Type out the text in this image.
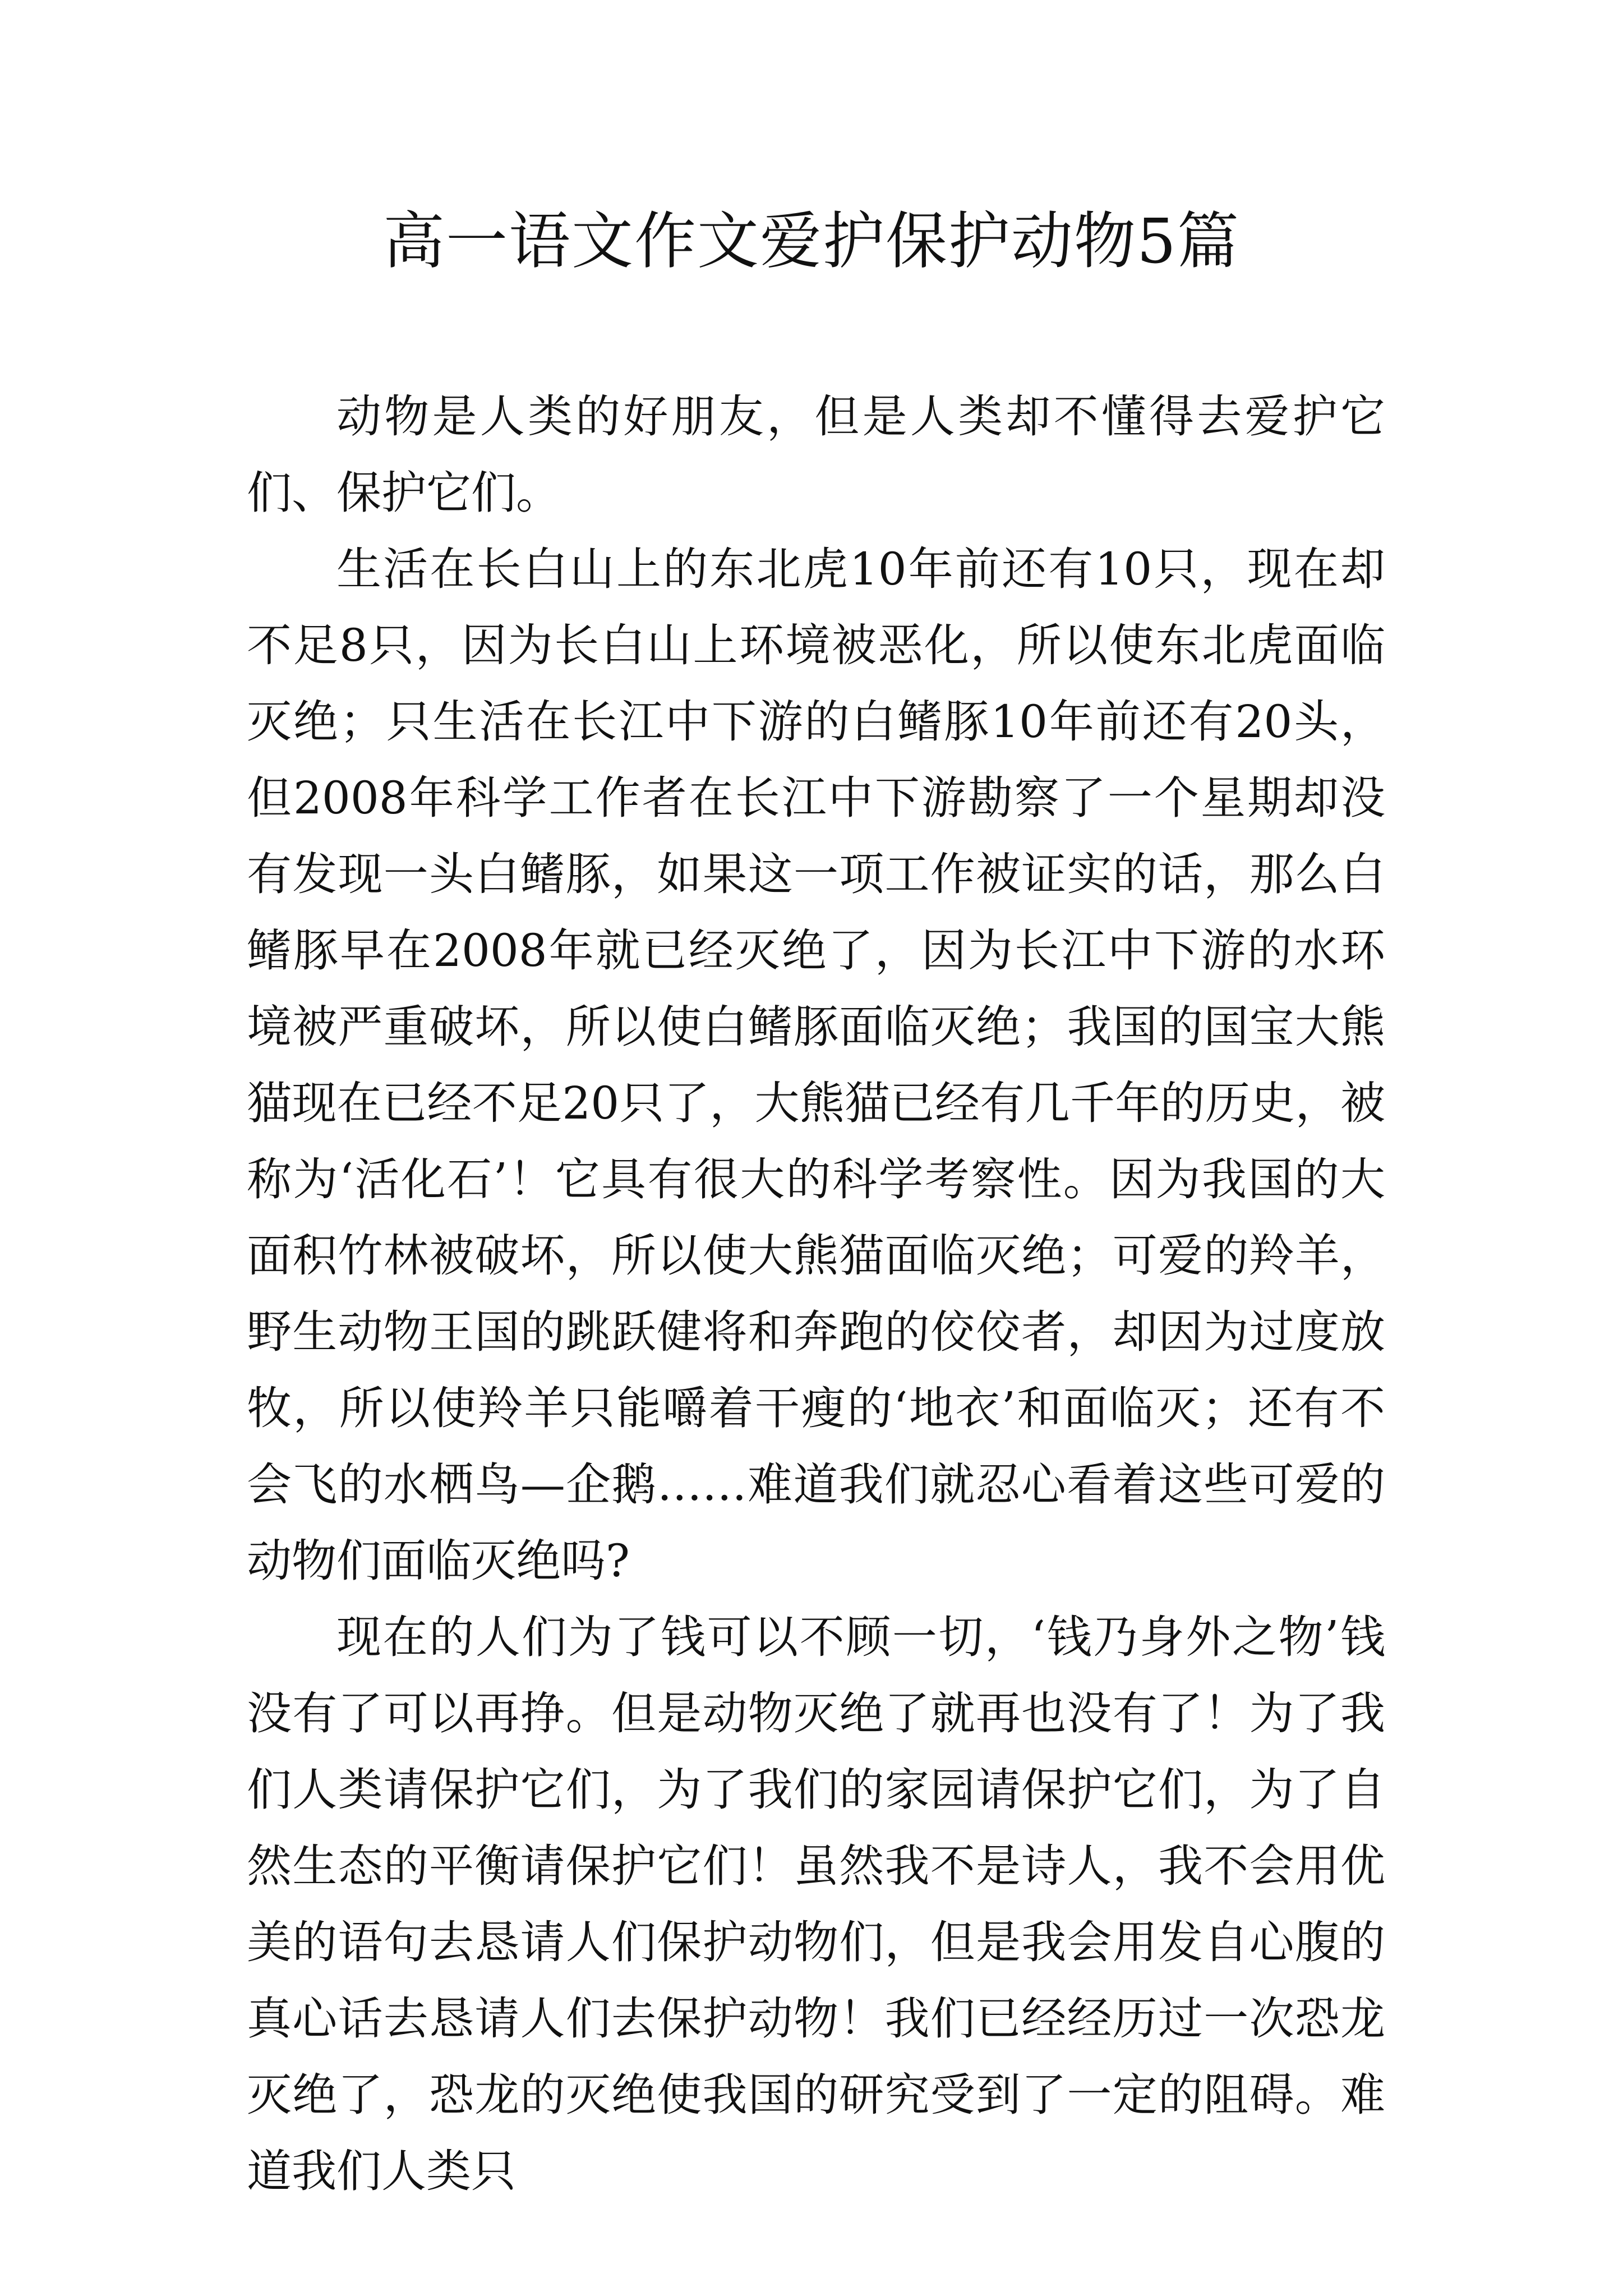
高一语文作文爱护保护动物5篇

动物是人类的好朋友，但是人类却不懂得去爱护它们、保护它们。

生活在长白山上的东北虎10年前还有10只，现在却不足8只，因为长白山上环境被恶化，所以使东北虎面临灭绝；只生活在长江中下游的白鳍豚10年前还有20头，但2008年科学工作者在长江中下游勘察了一个星期却没有发现一头白鳍豚，如果这一项工作被证实的话，那么白鳍豚早在2008年就已经灭绝了，因为长江中下游的水环境被严重破坏，所以使白鳍豚面临灭绝；我国的国宝大熊猫现在已经不足20只了，大熊猫已经有几千年的历史，被称为‘活化石’！它具有很大的科学考察性。因为我国的大面积竹林被破坏，所以使大熊猫面临灭绝；可爱的羚羊，野生动物王国的跳跃健将和奔跑的佼佼者，却因为过度放牧，所以使羚羊只能嚼着干瘦的‘地衣’和面临灭；还有不会飞的水栖鸟—企鹅……难道我们就忍心看着这些可爱的动物们面临灭绝吗?

现在的人们为了钱可以不顾一切，‘钱乃身外之物’钱没有了可以再挣。但是动物灭绝了就再也没有了！为了我们人类请保护它们，为了我们的家园请保护它们，为了自然生态的平衡请保护它们！虽然我不是诗人，我不会用优美的语句去恳请人们保护动物们，但是我会用发自心腹的真心话去恳请人们去保护动物！我们已经经历过一次恐龙灭绝了，恐龙的灭绝使我国的研究受到了一定的阻碍。难道我们人类只
